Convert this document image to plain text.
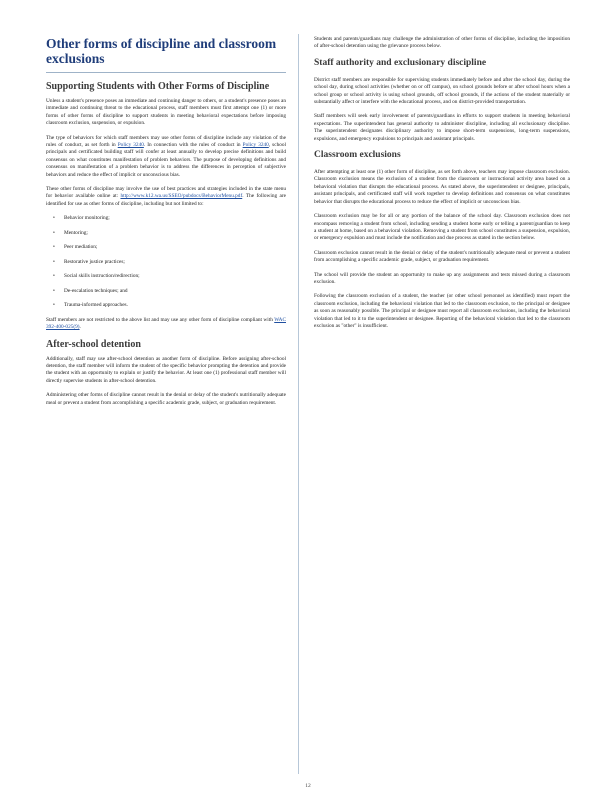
Other forms of discipline and classroom exclusions
Supporting Students with Other Forms of Discipline

Unless a student's presence poses an immediate and continuing danger to others, or a student's presence poses an immediate and continuing threat to the educational process, staff members must first attempt one (1) or more forms of other forms of discipline to support students in meeting behavioral expectations before imposing classroom exclusion, suspension, or expulsion.

The type of behaviors for which staff members may use other forms of discipline include any violation of the rules of conduct, as set forth in Policy 3240. In connection with the rules of conduct in Policy 3240, school principals and certificated building staff will confer at least annually to develop precise definitions and build consensus on what constitutes manifestation of problem behaviors. The purpose of developing definitions and consensus on manifestation of a problem behavior is to address the differences in perception of subjective behaviors and reduce the effect of implicit or unconscious bias.

These other forms of discipline may involve the use of best practices and strategies included in the state menu for behavior available online at: http://www.k12.wa.us/SSEO/pubdocs/BehaviorMenu.pdf. The following are identified for use as other forms of discipline, including but not limited to:

• Behavior monitoring;
• Mentoring;
• Peer mediation;
• Restorative justice practices;
• Social skills instruction/redirection;
• De-escalation techniques; and
• Trauma-informed approaches.

Staff members are not restricted to the above list and may use any other form of discipline compliant with WAC 392-400-025(9).

After-school detention

Additionally, staff may use after-school detention as another form of discipline. Before assigning after-school detention, the staff member will inform the student of the specific behavior prompting the detention and provide the student with an opportunity to explain or justify the behavior. At least one (1) professional staff member will directly supervise students in after-school detention.

Administering other forms of discipline cannot result in the denial or delay of the student's nutritionally adequate meal or prevent a student from accomplishing a specific academic grade, subject, or graduation requirement.

Students and parents/guardians may challenge the administration of other forms of discipline, including the imposition of after-school detention using the grievance process below.

Staff authority and exclusionary discipline

District staff members are responsible for supervising students immediately before and after the school day, during the school day, during school activities (whether on or off campus), on school grounds before or after school hours when a school group or school activity is using school grounds, off school grounds, if the actions of the student materially or substantially affect or interfere with the educational process, and on district-provided transportation.

Staff members will seek early involvement of parents/guardians in efforts to support students in meeting behavioral expectations. The superintendent has general authority to administer discipline, including all exclusionary discipline. The superintendent designates disciplinary authority to impose short-term suspensions, long-term suspensions, expulsions, and emergency expulsions to principals and assistant principals.

Classroom exclusions

After attempting at least one (1) other form of discipline, as set forth above, teachers may impose classroom exclusion. Classroom exclusion means the exclusion of a student from the classroom or instructional activity area based on a behavioral violation that disrupts the educational process. As stated above, the superintendent or designee, principals, assistant principals, and certificated staff will work together to develop definitions and consensus on what constitutes behavior that disrupts the educational process to reduce the effect of implicit or unconscious bias.

Classroom exclusion may be for all or any portion of the balance of the school day. Classroom exclusion does not encompass removing a student from school, including sending a student home early or telling a parent/guardian to keep a student at home, based on a behavioral violation. Removing a student from school constitutes a suspension, expulsion, or emergency expulsion and must include the notification and due process as stated in the section below.

Classroom exclusion cannot result in the denial or delay of the student's nutritionally adequate meal or prevent a student from accomplishing a specific academic grade, subject, or graduation requirement.

The school will provide the student an opportunity to make up any assignments and tests missed during a classroom exclusion.

Following the classroom exclusion of a student, the teacher (or other school personnel as identified) must report the classroom exclusion, including the behavioral violation that led to the classroom exclusion, to the principal or designee as soon as reasonably possible. The principal or designee must report all classroom exclusions, including the behavioral violation that led to it to the superintendent or designee. Reporting of the behavioral violation that led to the classroom exclusion as "other" is insufficient.

12
